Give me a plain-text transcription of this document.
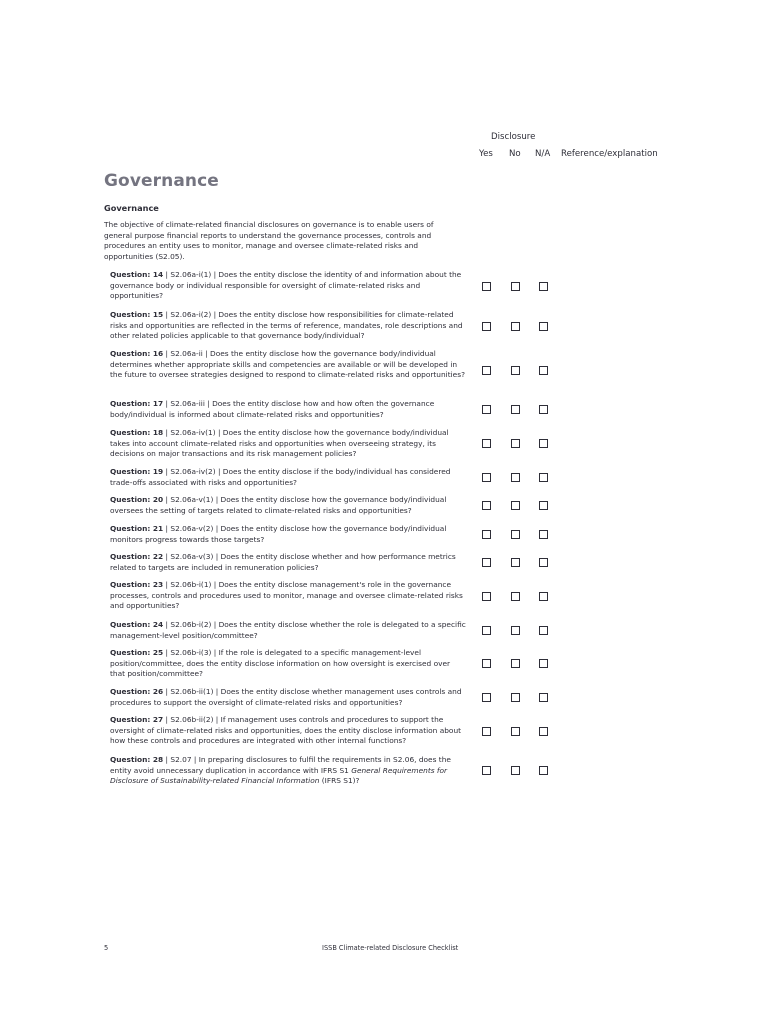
Disclosure
Yes No N/A Reference/explanation
Governance
Governance
The objective of climate-related financial disclosures on governance is to enable users of general purpose financial reports to understand the governance processes, controls and procedures an entity uses to monitor, manage and oversee climate-related risks and opportunities (S2.05).
Question: 14 | S2.06a-i(1) | Does the entity disclose the identity of and information about the governance body or individual responsible for oversight of climate-related risks and opportunities?
Question: 15 | S2.06a-i(2) | Does the entity disclose how responsibilities for climate-related risks and opportunities are reflected in the terms of reference, mandates, role descriptions and other related policies applicable to that governance body/individual?
Question: 16 | S2.06a-ii | Does the entity disclose how the governance body/individual determines whether appropriate skills and competencies are available or will be developed in the future to oversee strategies designed to respond to climate-related risks and opportunities?
Question: 17 | S2.06a-iii | Does the entity disclose how and how often the governance body/individual is informed about climate-related risks and opportunities?
Question: 18 | S2.06a-iv(1) | Does the entity disclose how the governance body/individual takes into account climate-related risks and opportunities when overseeing strategy, its decisions on major transactions and its risk management policies?
Question: 19 | S2.06a-iv(2) | Does the entity disclose if the body/individual has considered trade-offs associated with risks and opportunities?
Question: 20 | S2.06a-v(1) | Does the entity disclose how the governance body/individual oversees the setting of targets related to climate-related risks and opportunities?
Question: 21 | S2.06a-v(2) | Does the entity disclose how the governance body/individual monitors progress towards those targets?
Question: 22 | S2.06a-v(3) | Does the entity disclose whether and how performance metrics related to targets are included in remuneration policies?
Question: 23 | S2.06b-i(1) | Does the entity disclose management's role in the governance processes, controls and procedures used to monitor, manage and oversee climate-related risks and opportunities?
Question: 24 | S2.06b-i(2) | Does the entity disclose whether the role is delegated to a specific management-level position/committee?
Question: 25 | S2.06b-i(3) | If the role is delegated to a specific management-level position/committee, does the entity disclose information on how oversight is exercised over that position/committee?
Question: 26 | S2.06b-ii(1) | Does the entity disclose whether management uses controls and procedures to support the oversight of climate-related risks and opportunities?
Question: 27 | S2.06b-ii(2) | If management uses controls and procedures to support the oversight of climate-related risks and opportunities, does the entity disclose information about how these controls and procedures are integrated with other internal functions?
Question: 28 | S2.07 | In preparing disclosures to fulfil the requirements in S2.06, does the entity avoid unnecessary duplication in accordance with IFRS S1 General Requirements for Disclosure of Sustainability-related Financial Information (IFRS S1)?
5	ISSB Climate-related Disclosure Checklist
